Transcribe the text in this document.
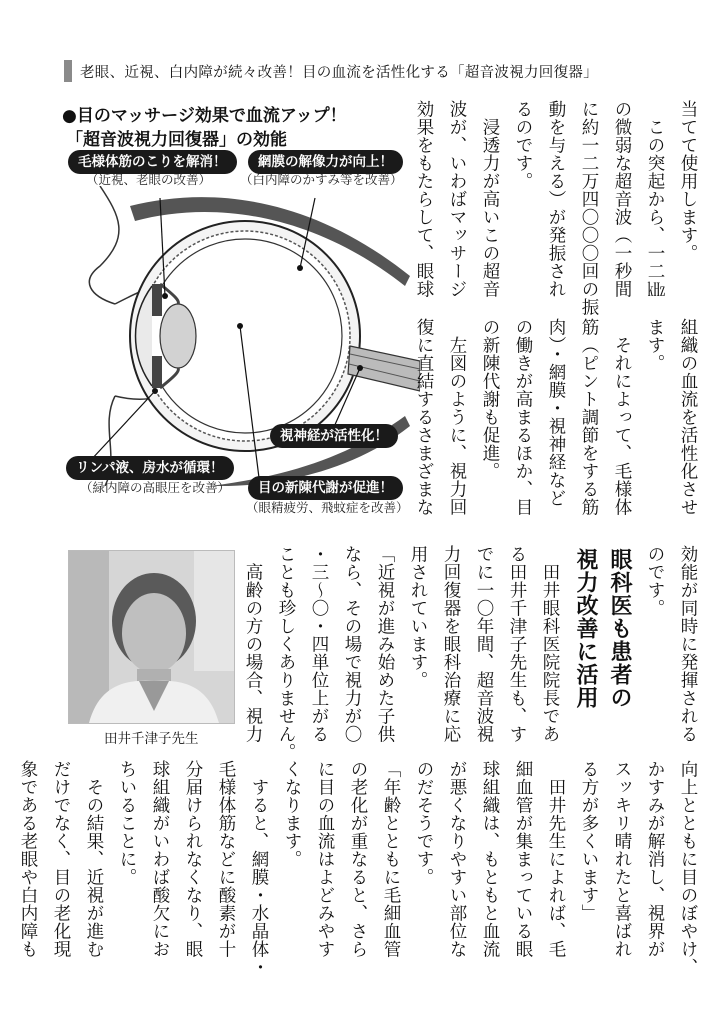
老眼、近視、白内障が続々改善！目の血流を活性化する「超音波視力回復器」
●目のマッサージ効果で血流アップ！
「超音波視力回復器」の効能
毛様体筋のこりを解消！
（近視、老眼の改善）
網膜の解像力が向上！
（白内障のかすみ等を改善）
視神経が活性化！
リンパ液、房水が循環！
（緑内障の高眼圧を改善）	目の新陳代謝が促進！
（眼精疲労、飛蚊症を改善）
田井千津子先生
当てて使用します。
　この突起から、一二㎑
の微弱な超音波（一秒間
に約一二万四〇〇〇回の振
動を与える）が発振され
るのです。
　浸透力が高いこの超音
波が、いわばマッサージ
効果をもたらして、眼球
組織の血流を活性化させ
ます。
　それによって、毛様体
筋（ピント調節をする筋
肉）・網膜・視神経など
の働きが高まるほか、目
の新陳代謝も促進。
　左図のように、視力回
復に直結するさまざまな
効能が同時に発揮される
のです。
眼科医も患者の
視力改善に活用
　田井眼科医院院長であ
る田井千津子先生も、す
でに一〇年間、超音波視
力回復器を眼科治療に応
用されています。
「近視が進み始めた子供
なら、その場で視力が〇
・三〜〇・四単位上がる
ことも珍しくありません。
　高齢の方の場合、視力
向上とともに目のぼやけ、
かすみが解消し、視界が
スッキリ晴れたと喜ばれ
る方が多くいます」
　田井先生によれば、毛
細血管が集まっている眼
球組織は、もともと血流
が悪くなりやすい部位な
のだそうです。
「年齢とともに毛細血管
の老化が重なると、さら
に目の血流はよどみやす
くなります。
　すると、網膜・水晶体・
毛様体筋などに酸素が十
分届けられなくなり、眼
球組織がいわば酸欠にお
ちいることに。
　その結果、近視が進む
だけでなく、目の老化現
象である老眼や白内障も
